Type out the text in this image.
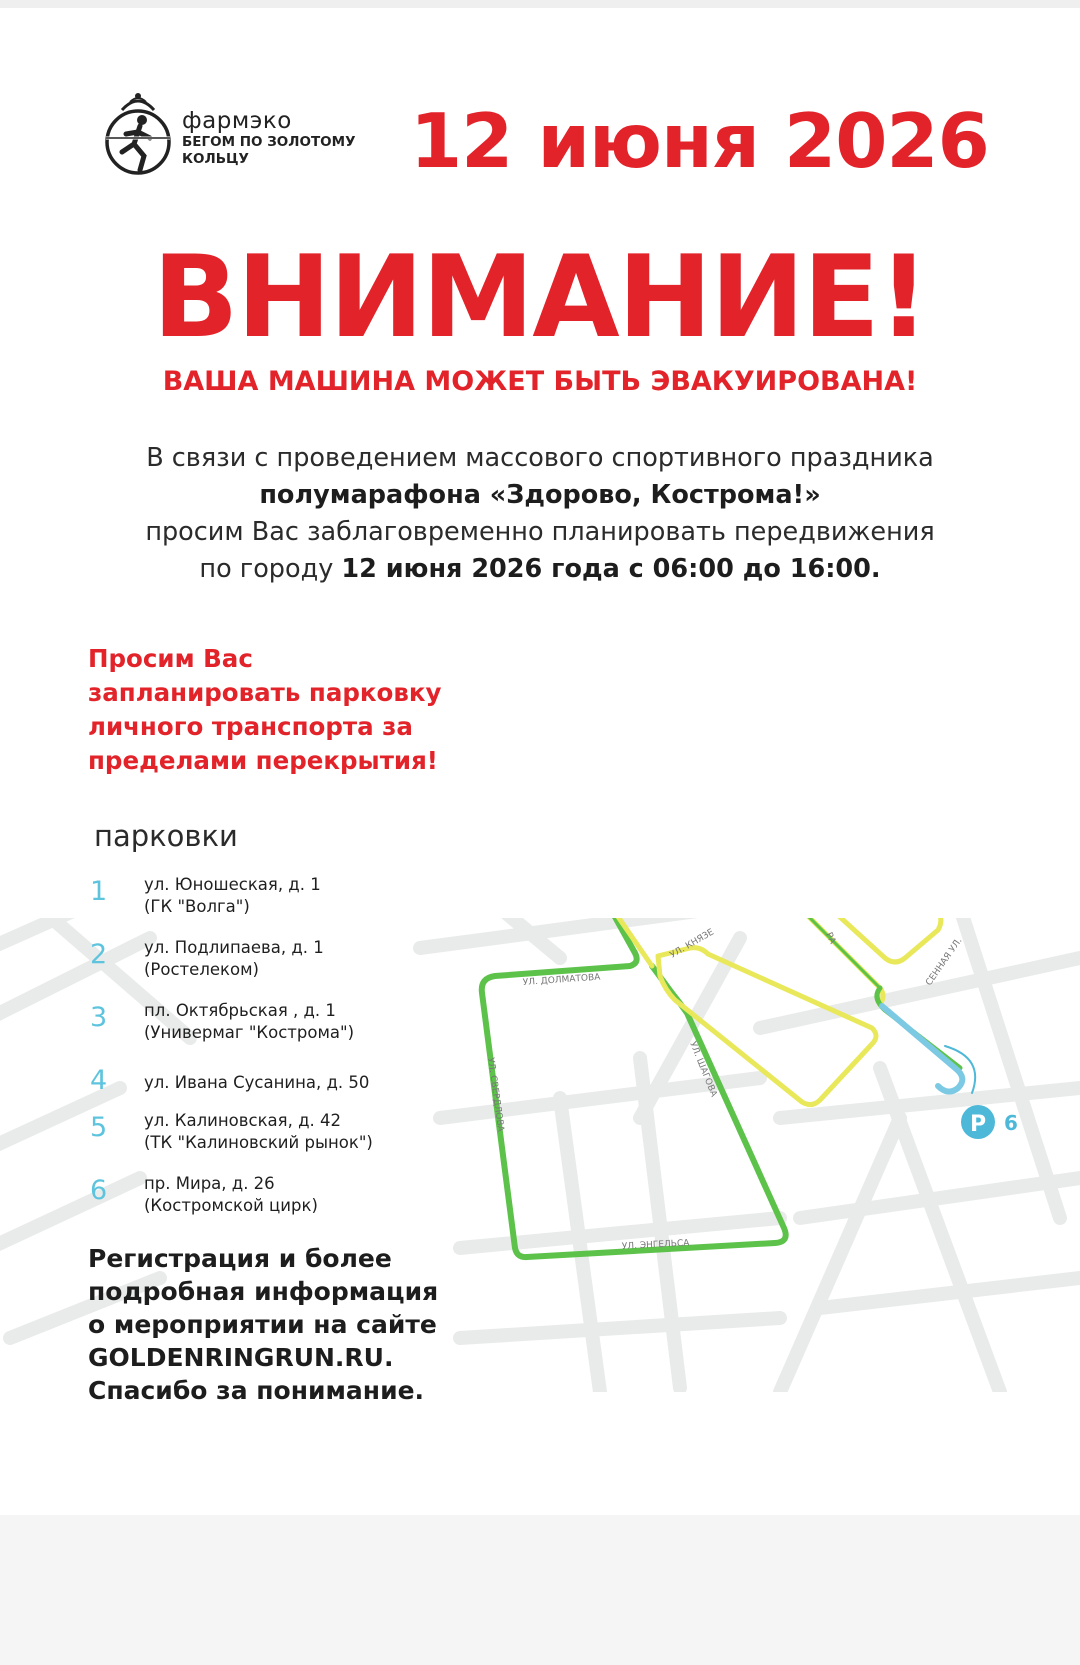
фармэко
БЕГОМ ПО ЗОЛОТОМУ
КОЛЬЦУ	12 июня 2026
ВНИМАНИЕ!
ВАША МАШИНА МОЖЕТ БЫТЬ ЭВАКУИРОВАНА!
В связи с проведением массового спортивного праздника
полумарафона «Здорово, Кострома!»
просим Вас заблаговременно планировать передвижения
по городу 12 июня 2026 года с 06:00 до 16:00.
Просим Вас
запланировать парковку
личного транспорта за
пределами перекрытия!
парковки
УЛ. ДОЛМАТОВА
УЛ. СВЕРДЛОВА	УЛ. ШАГОВА
УЛ. ЭНГЕЛЬСА
УЛ. КНЯЗЕ	РА	СЕННАЯ УЛ.
P 6
1	ул. Юношеская, д. 1
(ГК "Волга")
2	ул. Подлипаева, д. 1
(Ростелеком)
3	пл. Октябрьская , д. 1
(Универмаг "Кострома")
4	ул. Ивана Сусанина, д. 50
5	ул. Калиновская, д. 42
(ТК "Калиновский рынок")
6	пр. Мира, д. 26
(Костромской цирк)
Регистрация и более
подробная информация
о мероприятии на сайте
GOLDENRINGRUN.RU.
Спасибо за понимание.
